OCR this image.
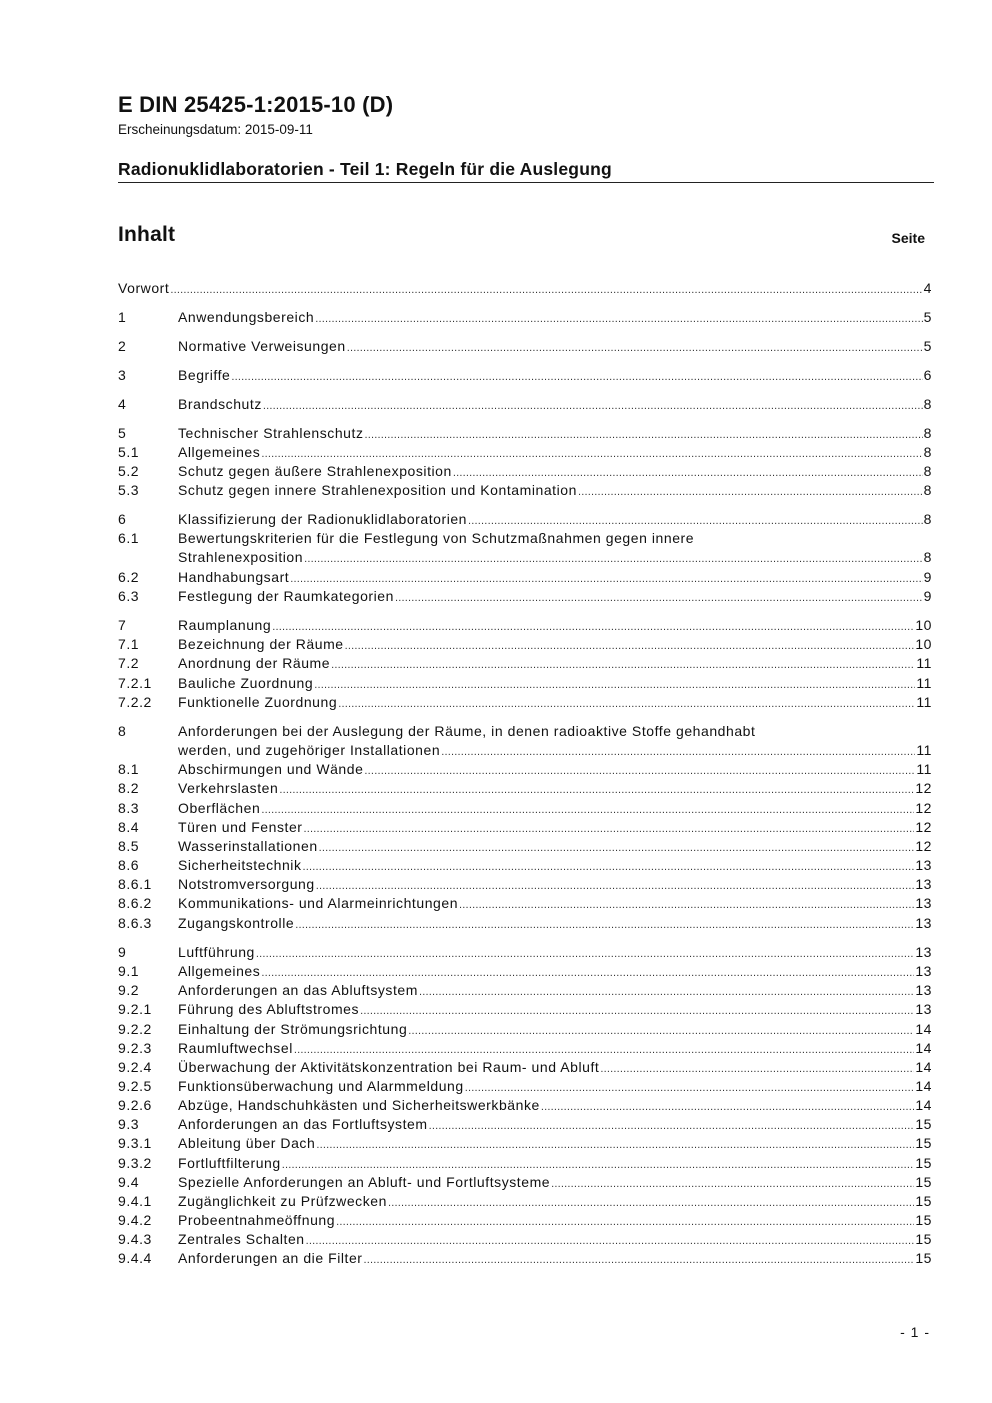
E DIN 25425-1:2015-10 (D)
Erscheinungsdatum: 2015-09-11
Radionuklidlaboratorien - Teil 1: Regeln für die Auslegung
Inhalt	Seite
Vorwort .....	4
1	Anwendungsbereich .....	5
2	Normative Verweisungen .....	5
3	Begriffe .....	6
4	Brandschutz .....	8
5	Technischer Strahlenschutz .....	8
5.1	Allgemeines .....	8
5.2	Schutz gegen äußere Strahlenexposition .....	8
5.3	Schutz gegen innere Strahlenexposition und Kontamination .....	8
6	Klassifizierung der Radionuklidlaboratorien .....	8
6.1	Bewertungskriterien für die Festlegung von Schutzmaßnahmen gegen innere
Strahlenexposition .....	8
6.2	Handhabungsart .....	9
6.3	Festlegung der Raumkategorien .....	9
7	Raumplanung .....	10
7.1	Bezeichnung der Räume .....	10
7.2	Anordnung der Räume .....	11
7.2.1	Bauliche Zuordnung .....	11
7.2.2	Funktionelle Zuordnung .....	11
8	Anforderungen bei der Auslegung der Räume, in denen radioaktive Stoffe gehandhabt
werden, und zugehöriger Installationen .....	11
8.1	Abschirmungen und Wände .....	11
8.2	Verkehrslasten .....	12
8.3	Oberflächen .....	12
8.4	Türen und Fenster .....	12
8.5	Wasserinstallationen .....	12
8.6	Sicherheitstechnik .....	13
8.6.1	Notstromversorgung .....	13
8.6.2	Kommunikations- und Alarmeinrichtungen .....	13
8.6.3	Zugangskontrolle .....	13
9	Luftführung .....	13
9.1	Allgemeines .....	13
9.2	Anforderungen an das Abluftsystem .....	13
9.2.1	Führung des Abluftstromes .....	13
9.2.2	Einhaltung der Strömungsrichtung .....	14
9.2.3	Raumluftwechsel .....	14
9.2.4	Überwachung der Aktivitätskonzentration bei Raum- und Abluft .....	14
9.2.5	Funktionsüberwachung und Alarmmeldung .....	14
9.2.6	Abzüge, Handschuhkästen und Sicherheitswerkbänke .....	14
9.3	Anforderungen an das Fortluftsystem .....	15
9.3.1	Ableitung über Dach .....	15
9.3.2	Fortluftfilterung .....	15
9.4	Spezielle Anforderungen an Abluft- und Fortluftsysteme .....	15
9.4.1	Zugänglichkeit zu Prüfzwecken .....	15
9.4.2	Probeentnahmeöffnung .....	15
9.4.3	Zentrales Schalten .....	15
9.4.4	Anforderungen an die Filter .....	15
- 1 -
